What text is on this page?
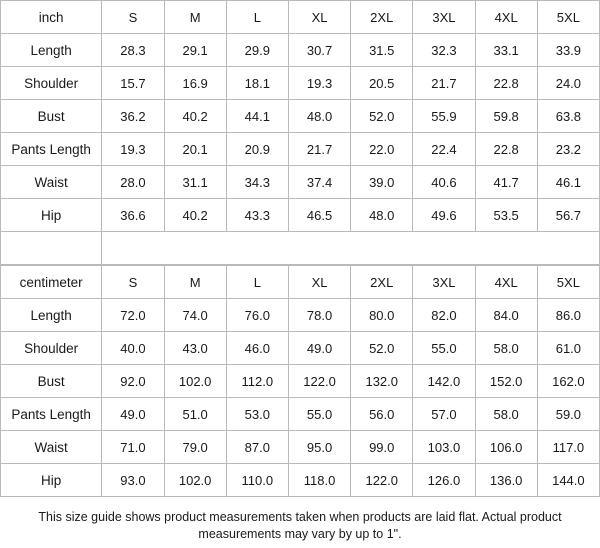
inch	S	M	L	XL	2XL	3XL	4XL	5XL
Length	28.3	29.1	29.9	30.7	31.5	32.3	33.1	33.9
Shoulder	15.7	16.9	18.1	19.3	20.5	21.7	22.8	24.0
Bust	36.2	40.2	44.1	48.0	52.0	55.9	59.8	63.8
Pants Length	19.3	20.1	20.9	21.7	22.0	22.4	22.8	23.2
Waist	28.0	31.1	34.3	37.4	39.0	40.6	41.7	46.1
Hip	36.6	40.2	43.3	46.5	48.0	49.6	53.5	56.7
centimeter	S	M	L	XL	2XL	3XL	4XL	5XL
Length	72.0	74.0	76.0	78.0	80.0	82.0	84.0	86.0
Shoulder	40.0	43.0	46.0	49.0	52.0	55.0	58.0	61.0
Bust	92.0	102.0	112.0	122.0	132.0	142.0	152.0	162.0
Pants Length	49.0	51.0	53.0	55.0	56.0	57.0	58.0	59.0
Waist	71.0	79.0	87.0	95.0	99.0	103.0	106.0	117.0
Hip	93.0	102.0	110.0	118.0	122.0	126.0	136.0	144.0
This size guide shows product measurements taken when products are laid flat. Actual product measurements may vary by up to 1".
